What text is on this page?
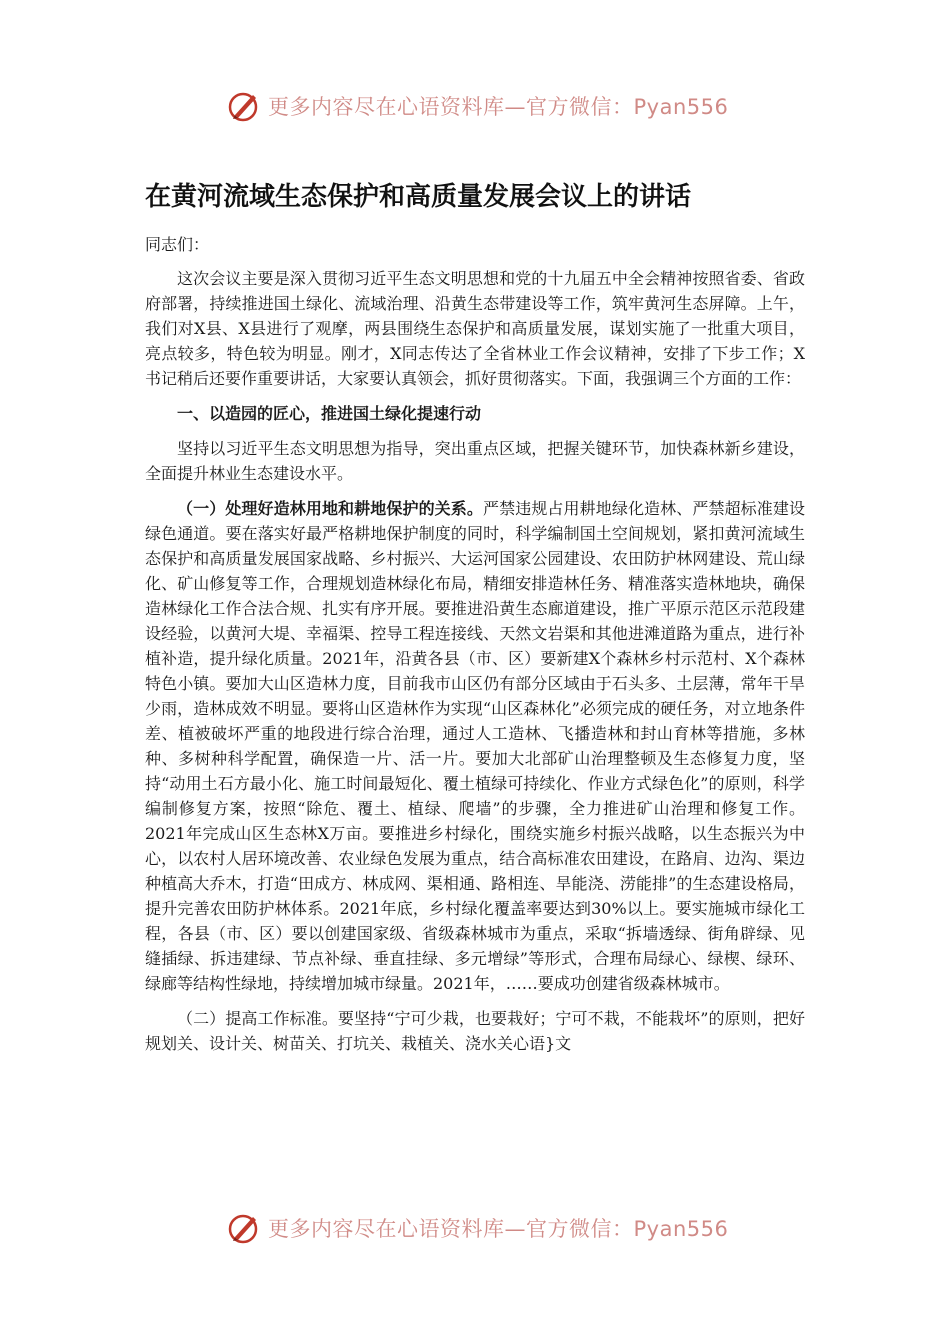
更多内容尽在心语资料库—官方微信：Pyan556
在黄河流域生态保护和高质量发展会议上的讲话

同志们：

这次会议主要是深入贯彻习近平生态文明思想和党的十九届五中全会精神按照省委、省政府部署，持续推进国土绿化、流域治理、沿黄生态带建设等工作，筑牢黄河生态屏障。上午，我们对X县、X县进行了观摩，两县围绕生态保护和高质量发展，谋划实施了一批重大项目，亮点较多，特色较为明显。刚才，X同志传达了全省林业工作会议精神，安排了下步工作；X书记稍后还要作重要讲话，大家要认真领会，抓好贯彻落实。下面，我强调三个方面的工作：

一、以造园的匠心，推进国土绿化提速行动

坚持以习近平生态文明思想为指导，突出重点区域，把握关键环节，加快森林新乡建设，全面提升林业生态建设水平。

（一）处理好造林用地和耕地保护的关系。严禁违规占用耕地绿化造林、严禁超标准建设绿色通道。要在落实好最严格耕地保护制度的同时，科学编制国土空间规划，紧扣黄河流域生态保护和高质量发展国家战略、乡村振兴、大运河国家公园建设、农田防护林网建设、荒山绿化、矿山修复等工作，合理规划造林绿化布局，精细安排造林任务、精准落实造林地块，确保造林绿化工作合法合规、扎实有序开展。要推进沿黄生态廊道建设，推广平原示范区示范段建设经验，以黄河大堤、幸福渠、控导工程连接线、天然文岩渠和其他进滩道路为重点，进行补植补造，提升绿化质量。2021年，沿黄各县（市、区）要新建X个森林乡村示范村、X个森林特色小镇。要加大山区造林力度，目前我市山区仍有部分区域由于石头多、土层薄，常年干旱少雨，造林成效不明显。要将山区造林作为实现“山区森林化”必须完成的硬任务，对立地条件差、植被破坏严重的地段进行综合治理，通过人工造林、飞播造林和封山育林等措施，多林种、多树种科学配置，确保造一片、活一片。要加大北部矿山治理整顿及生态修复力度，坚持“动用土石方最小化、施工时间最短化、覆土植绿可持续化、作业方式绿色化”的原则，科学编制修复方案，按照“除危、覆土、植绿、爬墙”的步骤，全力推进矿山治理和修复工作。2021年完成山区生态林X万亩。要推进乡村绿化，围绕实施乡村振兴战略，以生态振兴为中心，以农村人居环境改善、农业绿色发展为重点，结合高标准农田建设，在路肩、边沟、渠边种植高大乔木，打造“田成方、林成网、渠相通、路相连、旱能浇、涝能排”的生态建设格局，提升完善农田防护林体系。2021年底，乡村绿化覆盖率要达到30%以上。要实施城市绿化工程，各县（市、区）要以创建国家级、省级森林城市为重点，采取“拆墙透绿、街角辟绿、见缝插绿、拆违建绿、节点补绿、垂直挂绿、多元增绿”等形式，合理布局绿心、绿楔、绿环、绿廊等结构性绿地，持续增加城市绿量。2021年，……要成功创建省级森林城市。

（二）提高工作标准。要坚持“宁可少栽，也要栽好；宁可不栽，不能栽坏”的原则，把好规划关、设计关、树苗关、打坑关、栽植关、浇水关心语}文

更多内容尽在心语资料库—官方微信：Pyan556
